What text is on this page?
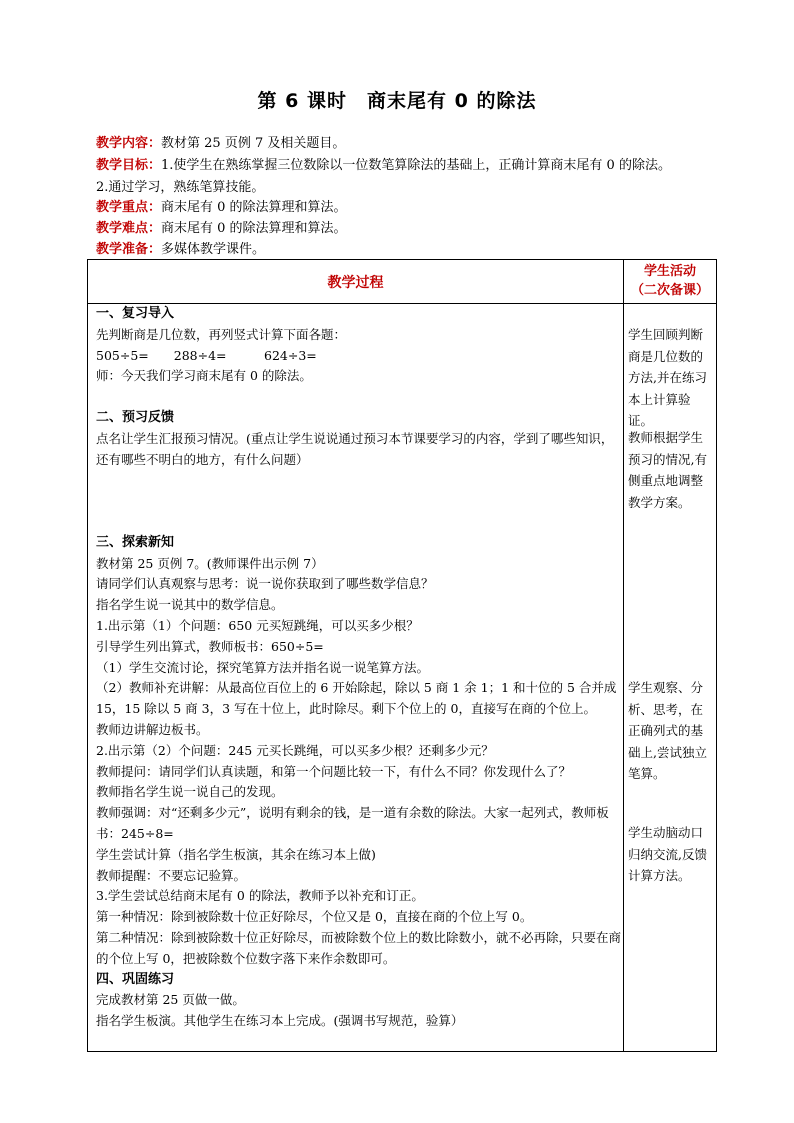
第 6 课时　商末尾有 0 的除法
教学内容：教材第 25 页例 7 及相关题目。
教学目标：1.使学生在熟练掌握三位数除以一位数笔算除法的基础上，正确计算商末尾有 0 的除法。
2.通过学习，熟练笔算技能。
教学重点：商末尾有 0 的除法算理和算法。
教学难点：商末尾有 0 的除法算理和算法。
教学准备：多媒体教学课件。
教学过程
学生活动
（二次备课）
一、复习导入
先判断商是几位数，再列竖式计算下面各题：
505÷5=　　288÷4=　　　624÷3=
师：今天我们学习商末尾有 0 的除法。
二、预习反馈
点名让学生汇报预习情况。(重点让学生说说通过预习本节课要学习的内容，学到了哪些知识，还有哪些不明白的地方，有什么问题）
三、探索新知
教材第 25 页例 7。(教师课件出示例 7）
请同学们认真观察与思考：说一说你获取到了哪些数学信息？
指名学生说一说其中的数学信息。
1.出示第（1）个问题：650 元买短跳绳，可以买多少根？
引导学生列出算式，教师板书：650÷5=
（1）学生交流讨论，探究笔算方法并指名说一说笔算方法。
（2）教师补充讲解：从最高位百位上的 6 开始除起，除以 5 商 1 余 1；1 和十位的 5 合并成 15，15 除以 5 商 3，3 写在十位上，此时除尽。剩下个位上的 0，直接写在商的个位上。
教师边讲解边板书。
2.出示第（2）个问题：245 元买长跳绳，可以买多少根？还剩多少元？
教师提问：请同学们认真读题，和第一个问题比较一下，有什么不同？你发现什么了？
教师指名学生说一说自己的发现。
教师强调：对“还剩多少元”，说明有剩余的钱，是一道有余数的除法。大家一起列式，教师板书：245÷8=
学生尝试计算（指名学生板演，其余在练习本上做)
教师提醒：不要忘记验算。
3.学生尝试总结商末尾有 0 的除法，教师予以补充和订正。
第一种情况：除到被除数十位正好除尽，个位又是 0，直接在商的个位上写 0。
第二种情况：除到被除数十位正好除尽，而被除数个位上的数比除数小，就不必再除，只要在商的个位上写 0，把被除数个位数字落下来作余数即可。
四、巩固练习
完成教材第 25 页做一做。
指名学生板演。其他学生在练习本上完成。(强调书写规范，验算）
学生回顾判断商是几位数的方法,并在练习本上计算验证。
教师根据学生预习的情况,有侧重点地调整教学方案。
学生观察、分析、思考，在正确列式的基础上,尝试独立笔算。
学生动脑动口归纳交流,反馈计算方法。
